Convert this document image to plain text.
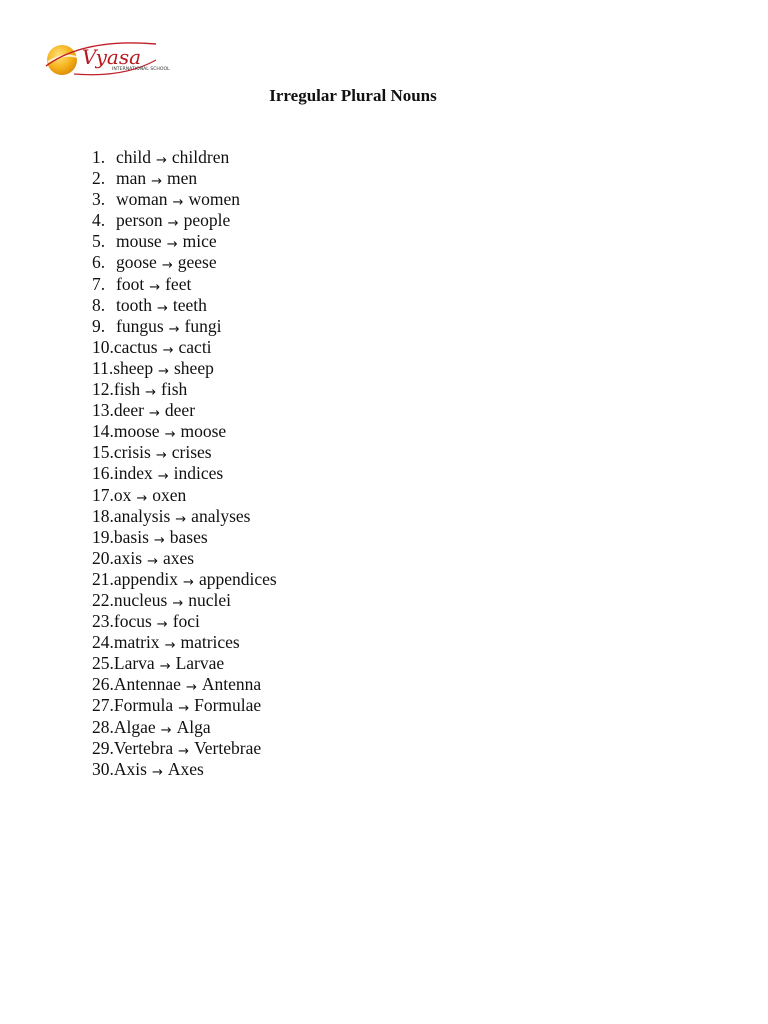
Vyasa
INTERNATIONAL SCHOOL
Irregular Plural Nouns
1. child → children
2. man → men
3. woman → women
4. person → people
5. mouse → mice
6. goose → geese
7. foot → feet
8. tooth → teeth
9. fungus → fungi
10.cactus → cacti
11.sheep → sheep
12.fish → fish
13.deer → deer
14.moose → moose
15.crisis → crises
16.index → indices
17.ox → oxen
18.analysis → analyses
19.basis → bases
20.axis → axes
21.appendix → appendices
22.nucleus → nuclei
23.focus → foci
24.matrix → matrices
25.Larva → Larvae
26.Antennae → Antenna
27.Formula → Formulae
28.Algae → Alga
29.Vertebra → Vertebrae
30.Axis → Axes
